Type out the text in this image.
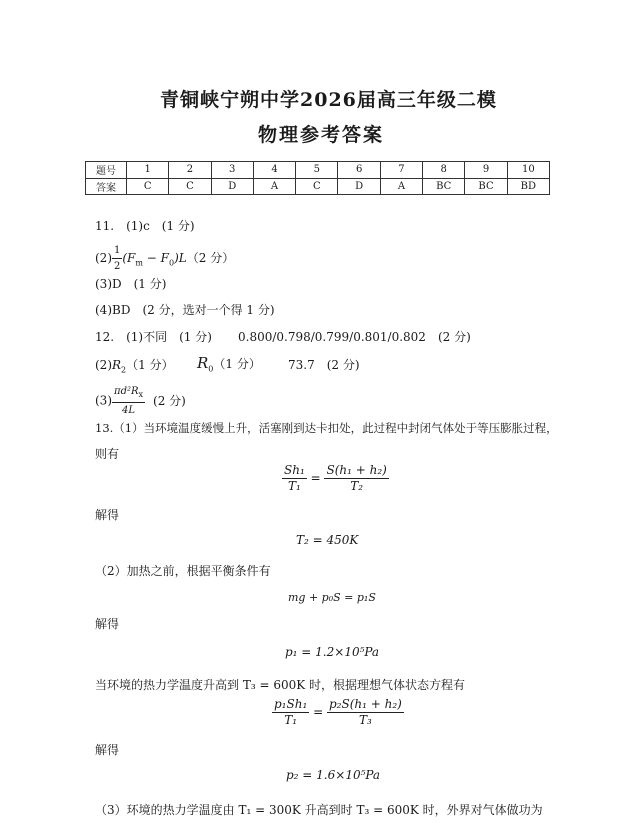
青铜峡宁朔中学2026届高三年级二模
物理参考答案
题号	1	2	3	4	5	6	7	8	9	10
答案	C	C	D	A	C	D	A	BC	BC	BD
11.　(1)c　(1 分)
$(2) \frac{1}{2} (F_m - F_0)L(2$ 分）
(3)D　(1 分)
(4)BD　(2 分，选对一个得 1 分)
12.　(1)不同　(1 分) 0.800/0.798/0.799/0.801/0.802　(2 分)
$(2)R_2(1$ 分） $R_0(1$ 分） 73.7　(2 分)
$(3) \frac{\pi d^2R_x}{4L} (2$ 分)
13.（1）当环境温度缓慢上升，活塞刚到达卡扣处，此过程中封闭气体处于等压膨胀过程，
则有
$\frac{\text{Sh₁}}{\text{T₁}} = \frac{\text{S(h₁ + h₂)}}{\text{T₂}}$
解得
T₂ = 450K
（2）加热之前，根据平衡条件有
mg + p₀S = p₁S
解得
p₁ = 1.2×10⁵Pa
当环境的热力学温度升高到 T₃ = 600K 时，根据理想气体状态方程有
$\frac{\text{p₁Sh₁}}{\text{T₁}} = \frac{\text{p₂S(h₁ + h₂)}}{\text{T₃}}$
解得
p₂ = 1.6×10⁵Pa
（3）环境的热力学温度由 T₁ = 300K 升高到时 T₃ = 600K 时，外界对气体做功为
